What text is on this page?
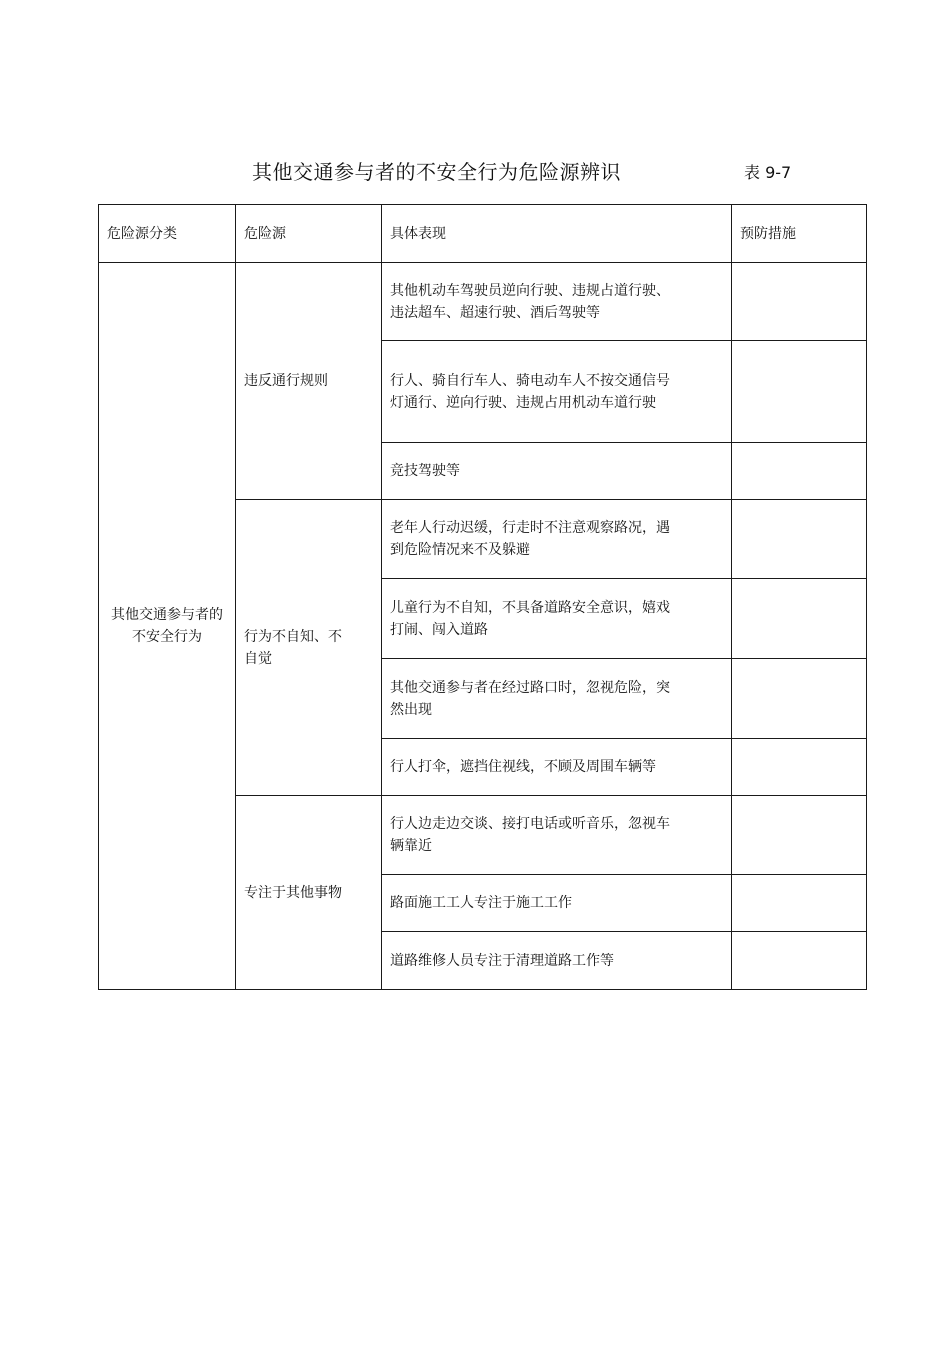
其他交通参与者的不安全行为危险源辨识	表 9-7
危险源分类	危险源	具体表现	预防措施
其他交通参与者的不安全行为	违反通行规则	其他机动车驾驶员逆向行驶、违规占道行驶、违法超车、超速行驶、酒后驾驶等	
		行人、骑自行车人、骑电动车人不按交通信号灯通行、逆向行驶、违规占用机动车道行驶	
		竞技驾驶等	
	行为不自知、不自觉	老年人行动迟缓，行走时不注意观察路况，遇到危险情况来不及躲避	
		儿童行为不自知，不具备道路安全意识，嬉戏打闹、闯入道路	
		其他交通参与者在经过路口时，忽视危险，突然出现	
		行人打伞，遮挡住视线，不顾及周围车辆等	
	专注于其他事物	行人边走边交谈、接打电话或听音乐，忽视车辆靠近	
		路面施工工人专注于施工工作	
		道路维修人员专注于清理道路工作等	
